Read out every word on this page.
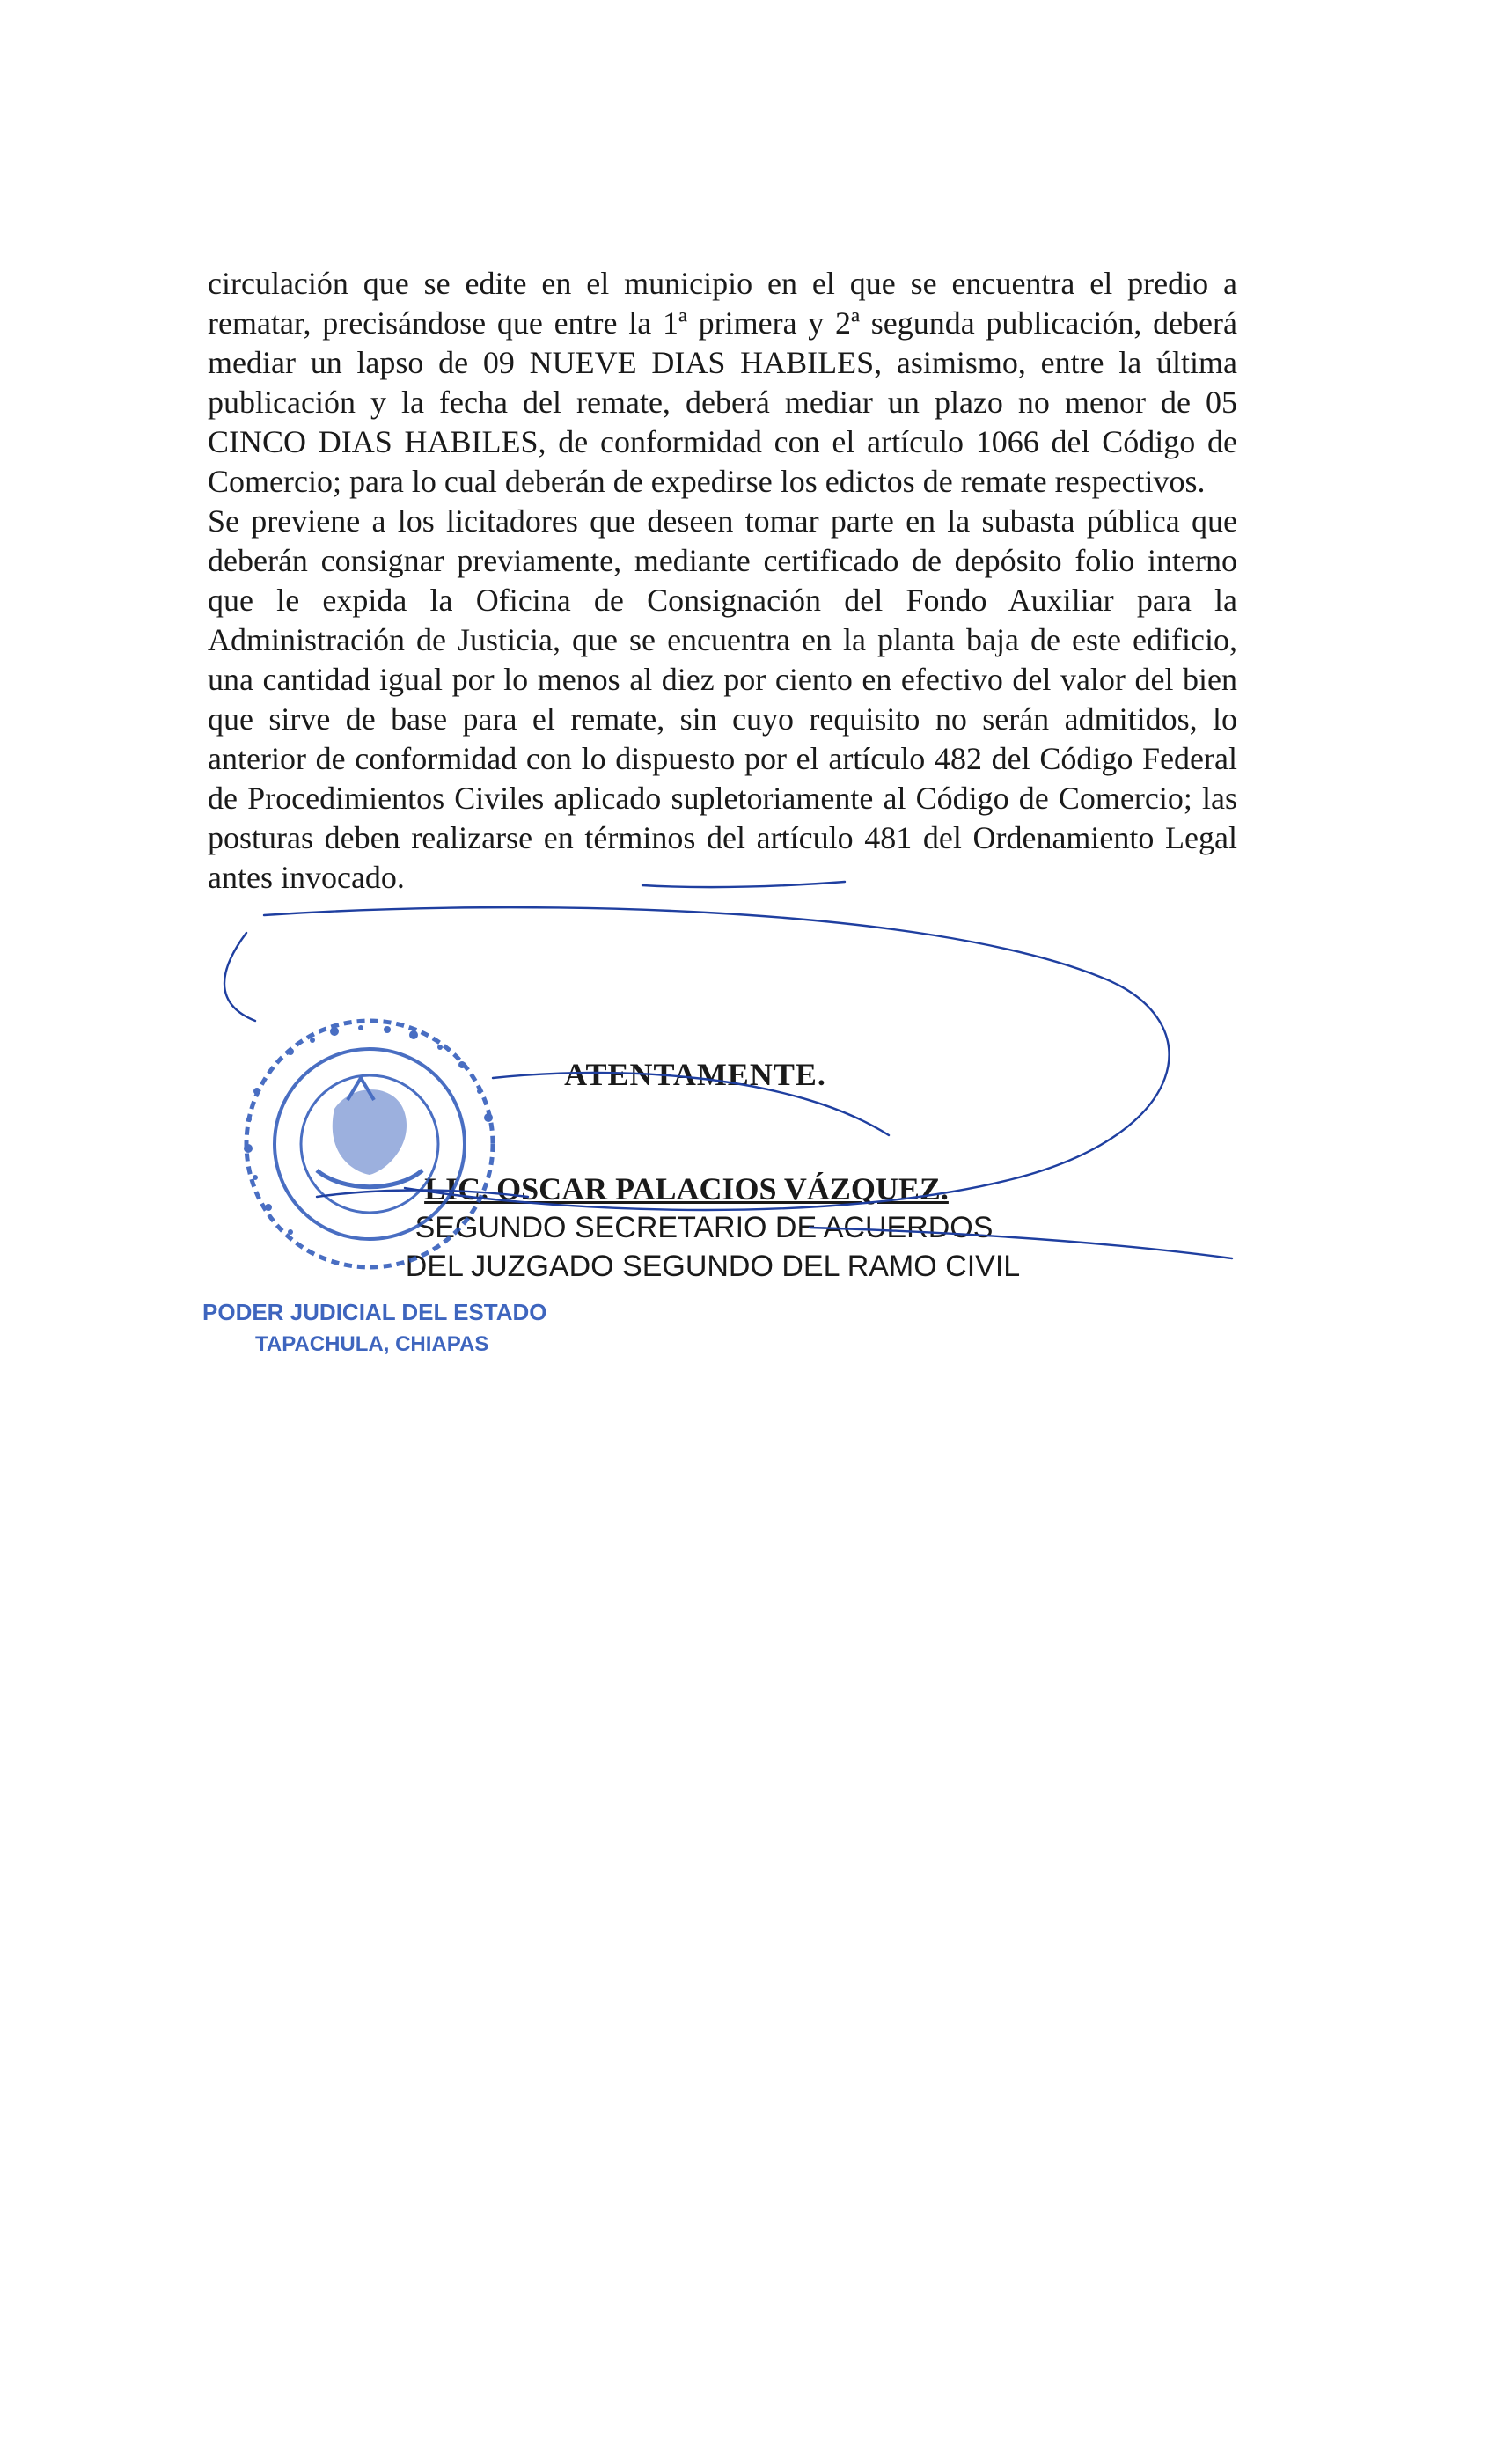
circulación que se edite en el municipio en el que se encuentra el predio a rematar, precisándose que entre la 1ª primera y 2ª segunda publicación, deberá mediar un lapso de 09 NUEVE DIAS HABILES, asimismo, entre la última publicación y la fecha del remate, deberá mediar un plazo no menor de 05 CINCO DIAS HABILES, de conformidad con el artículo 1066 del Código de Comercio; para lo cual deberán de expedirse los edictos de remate respectivos.

Se previene a los licitadores que deseen tomar parte en la subasta pública que deberán consignar previamente, mediante certificado de depósito folio interno que le expida la Oficina de Consignación del Fondo Auxiliar para la Administración de Justicia, que se encuentra en la planta baja de este edificio, una cantidad igual por lo menos al diez por ciento en efectivo del valor del bien que sirve de base para el remate, sin cuyo requisito no serán admitidos, lo anterior de conformidad con lo dispuesto por el artículo 482 del Código Federal de Procedimientos Civiles aplicado supletoriamente al Código de Comercio; las posturas deben realizarse en términos del artículo 481 del Ordenamiento Legal antes invocado.

ATENTAMENTE.
LIC. OSCAR PALACIOS VÁZQUEZ.
SEGUNDO SECRETARIO DE ACUERDOS
DEL JUZGADO SEGUNDO DEL RAMO CIVIL
PODER JUDICIAL DEL ESTADO
TAPACHULA, CHIAPAS
